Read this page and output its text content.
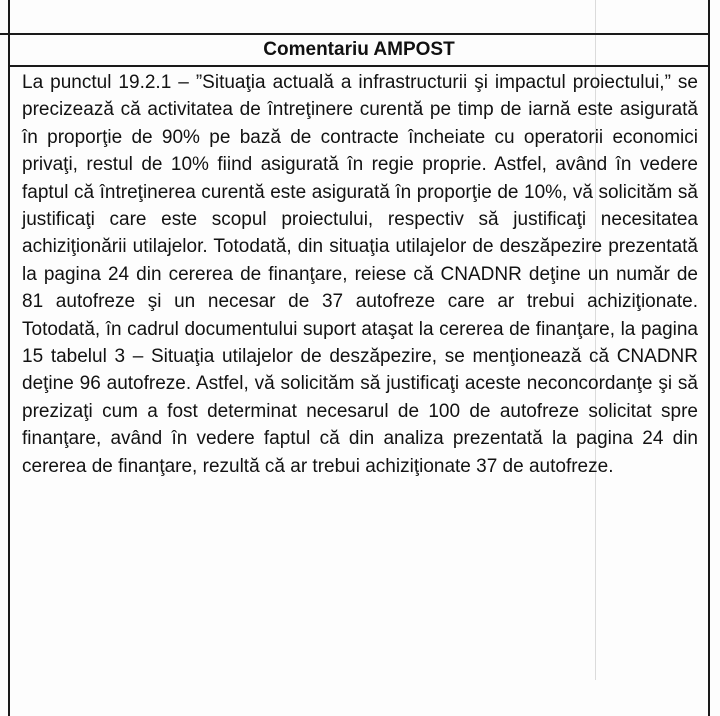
Comentariu AMPOST
La punctul 19.2.1 – ”Situaţia actuală a infrastructurii şi impactul proiectului,” se precizează că activitatea de întreţinere curentă pe timp de iarnă este asigurată în proporţie de 90% pe bază de contracte încheiate cu operatorii economici privaţi, restul de 10% fiind asigurată în regie proprie. Astfel, având în vedere faptul că întreţinerea curentă este asigurată în proporţie de 10%, vă solicităm să justificaţi care este scopul proiectului, respectiv să justificaţi necesitatea achiziţionării utilajelor. Totodată, din situaţia utilajelor de deszăpezire prezentată la pagina 24 din cererea de finanţare, reiese că CNADNR deţine un număr de 81 autofreze şi un necesar de 37 autofreze care ar trebui achiziţionate. Totodată, în cadrul documentului suport ataşat la cererea de finanţare, la pagina 15 tabelul 3 – Situaţia utilajelor de deszăpezire, se menţionează că CNADNR deţine 96 autofreze. Astfel, vă solicităm să justificaţi aceste neconcordanţe şi să prezizaţi cum a fost determinat necesarul de 100 de autofreze solicitat spre finanţare, având în vedere faptul că din analiza prezentată la pagina 24 din cererea de finanţare, rezultă că ar trebui achiziţionate 37 de autofreze.
